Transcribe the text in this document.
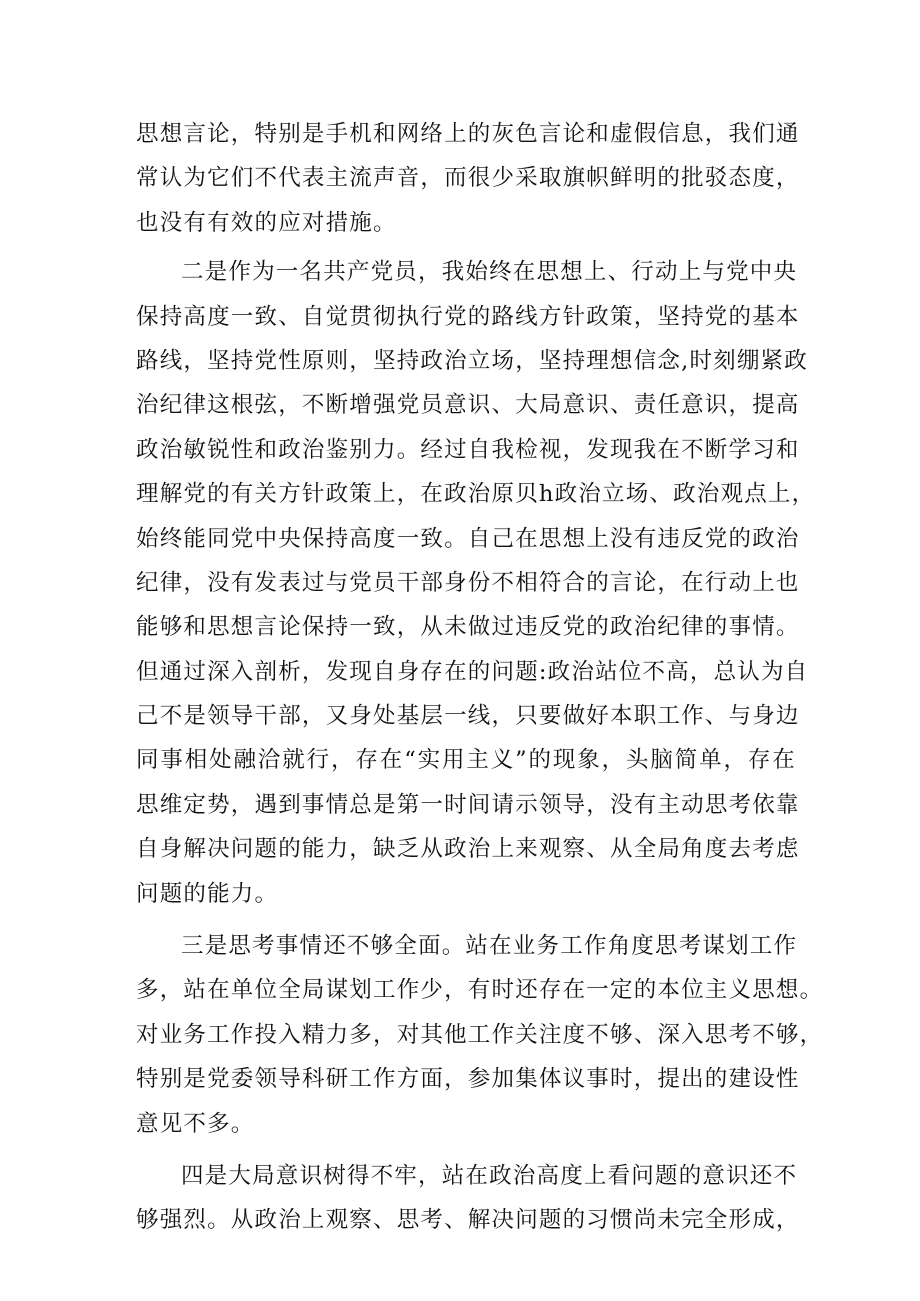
思想言论，特别是手机和网络上的灰色言论和虚假信息，我们通
常认为它们不代表主流声音，而很少采取旗帜鲜明的批驳态度，
也没有有效的应对措施。
二是作为一名共产党员，我始终在思想上、行动上与党中央
保持高度一致、自觉贯彻执行党的路线方针政策，坚持党的基本
路线，坚持党性原则，坚持政治立场，坚持理想信念,时刻绷紧政
治纪律这根弦，不断增强党员意识、大局意识、责任意识，提高
政治敏锐性和政治鉴别力。经过自我检视，发现我在不断学习和
理解党的有关方针政策上，在政治原贝h政治立场、政治观点上，
始终能同党中央保持高度一致。自己在思想上没有违反党的政治
纪律，没有发表过与党员干部身份不相符合的言论，在行动上也
能够和思想言论保持一致，从未做过违反党的政治纪律的事情。
但通过深入剖析，发现自身存在的问题:政治站位不高，总认为自
己不是领导干部，又身处基层一线，只要做好本职工作、与身边
同事相处融洽就行，存在“实用主义”的现象，头脑简单，存在
思维定势，遇到事情总是第一时间请示领导，没有主动思考依靠
自身解决问题的能力，缺乏从政治上来观察、从全局角度去考虑
问题的能力。
三是思考事情还不够全面。站在业务工作角度思考谋划工作
多，站在单位全局谋划工作少，有时还存在一定的本位主义思想。
对业务工作投入精力多，对其他工作关注度不够、深入思考不够，
特别是党委领导科研工作方面，参加集体议事时，提出的建设性
意见不多。
四是大局意识树得不牢，站在政治高度上看问题的意识还不
够强烈。从政治上观察、思考、解决问题的习惯尚未完全形成，
